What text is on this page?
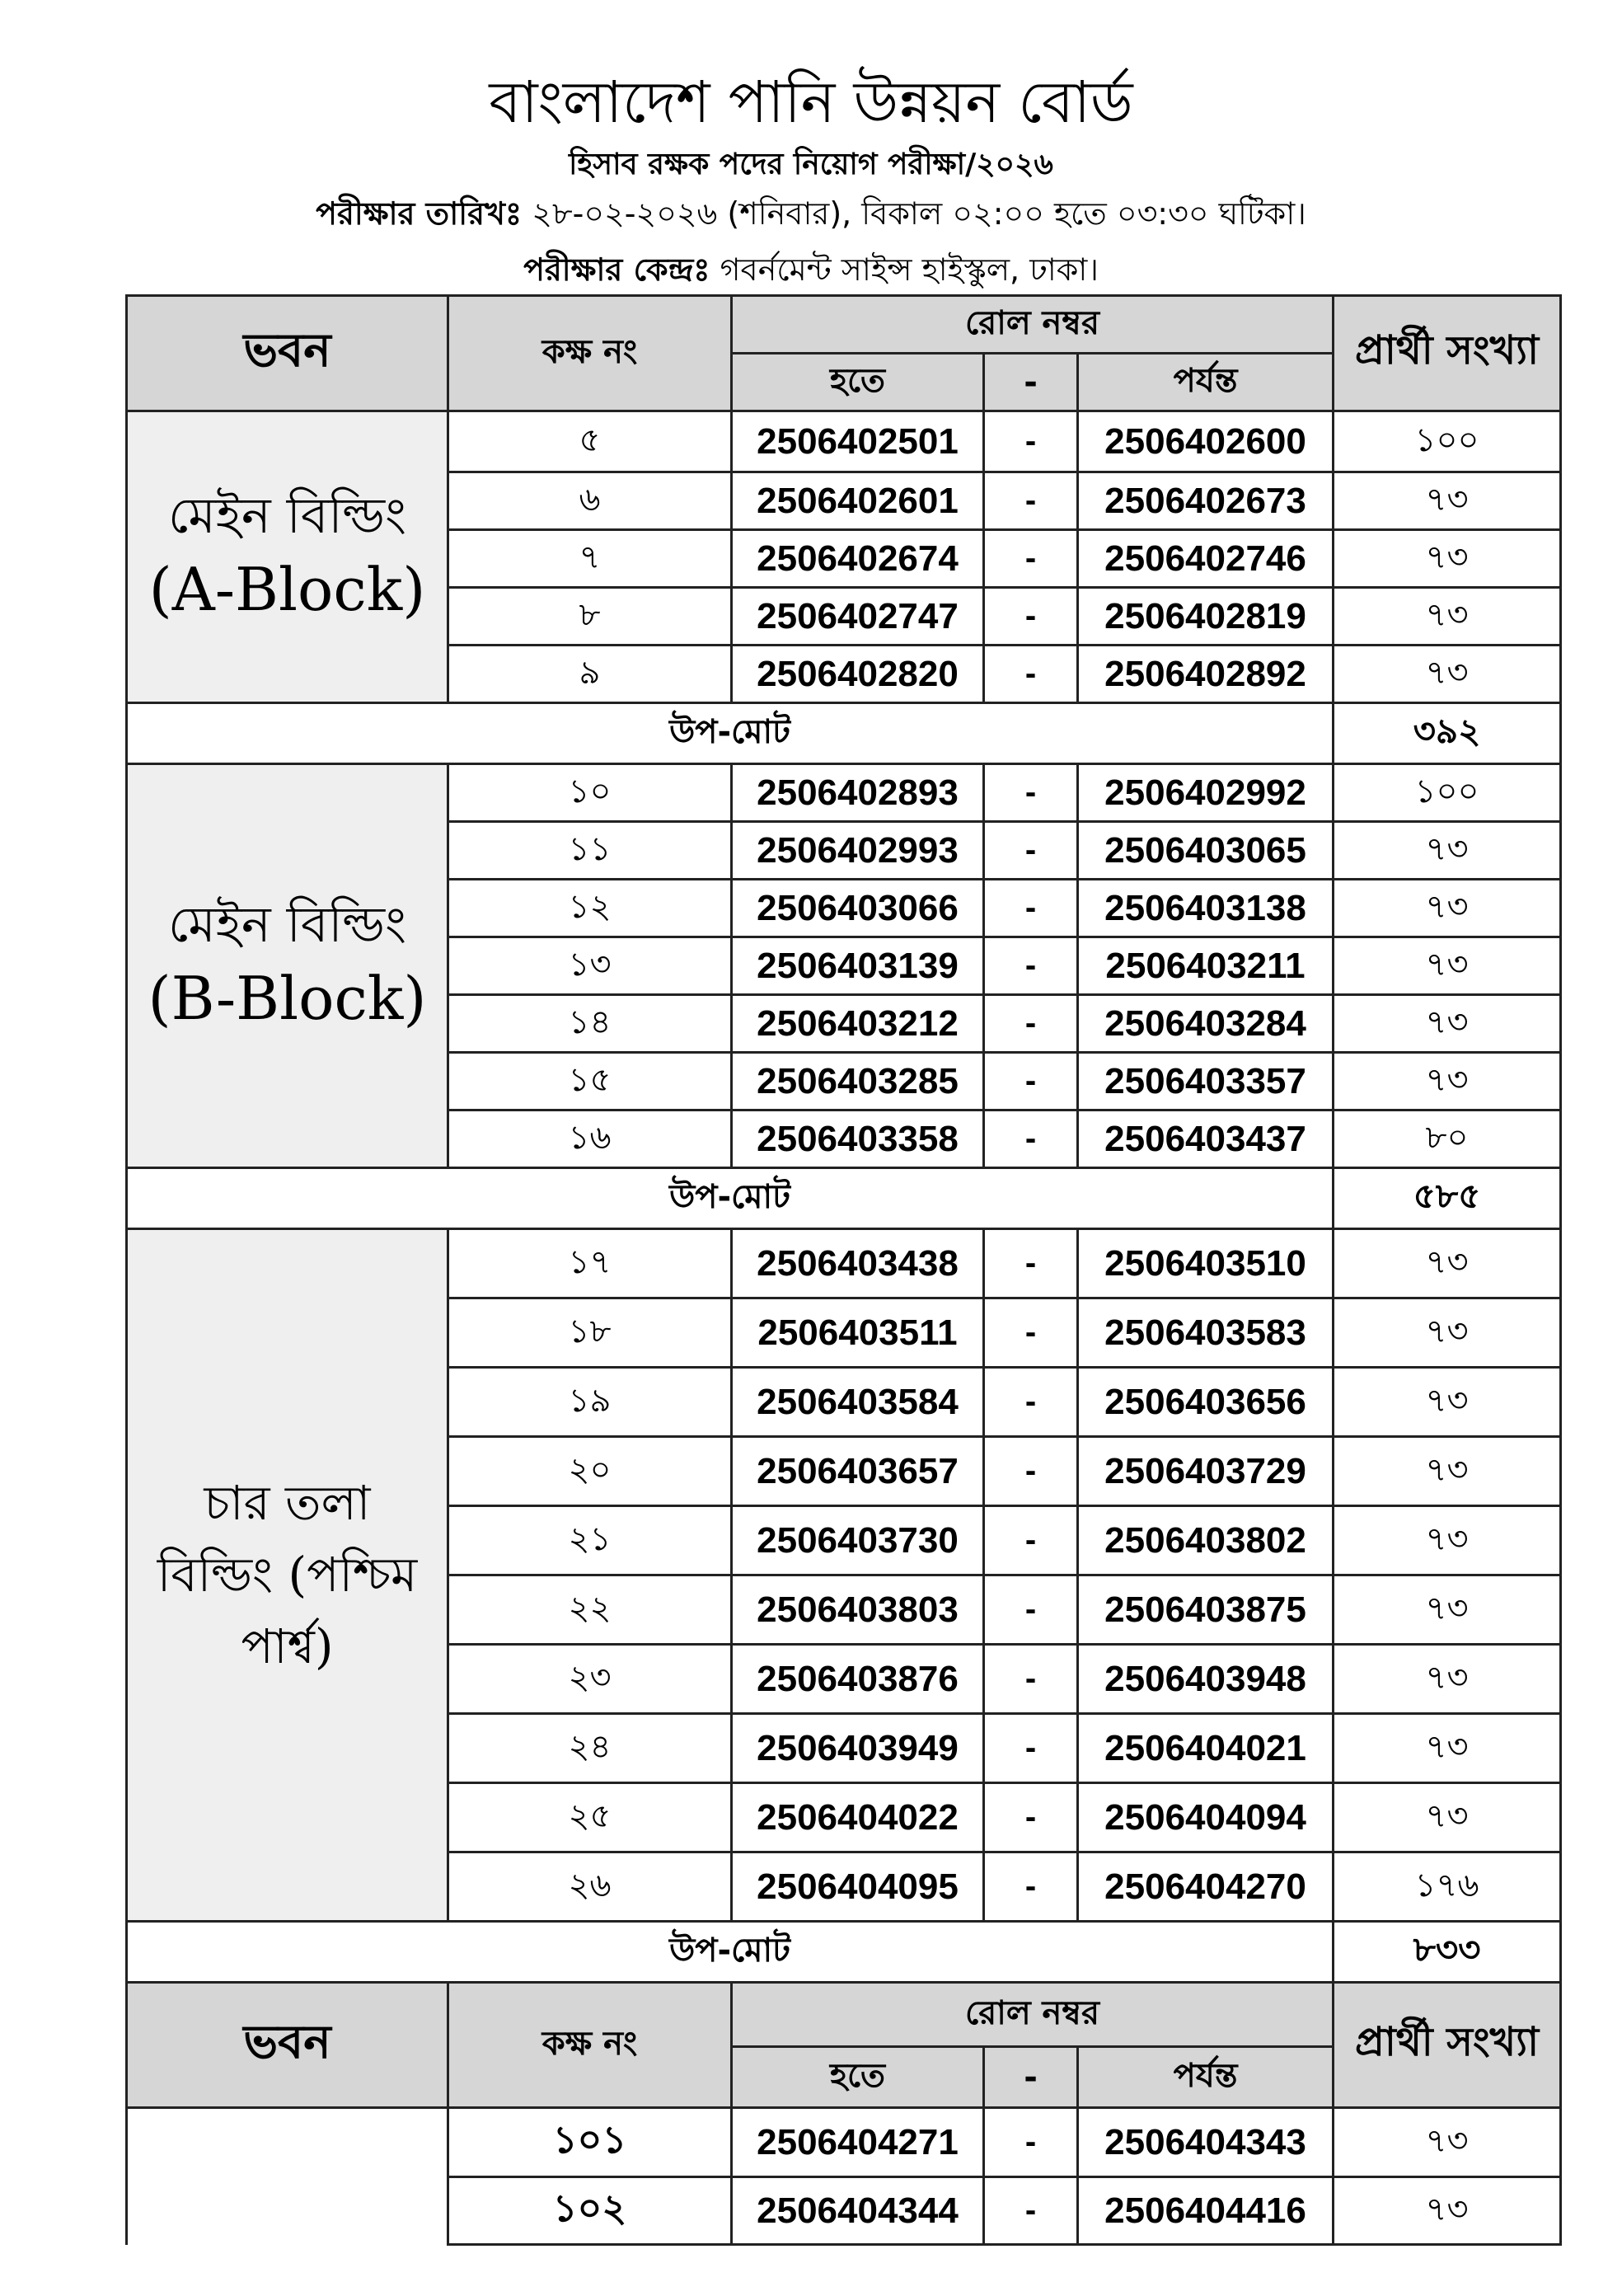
বাংলাদেশ পানি উন্নয়ন বোর্ড
হিসাব রক্ষক পদের নিয়োগ পরীক্ষা/২০২৬
পরীক্ষার তারিখঃ ২৮-০২-২০২৬ (শনিবার), বিকাল ০২:০০ হতে ০৩:৩০ ঘটিকা।
পরীক্ষার কেন্দ্রঃ গবর্নমেন্ট সাইন্স হাইস্কুল, ঢাকা।
ভবন	কক্ষ নং	রোল নম্বর			প্রার্থী সংখ্যা
		হতে	-	পর্যন্ত	
মেইন বিল্ডিং
(A-Block)	৫	2506402501	-	2506402600	১০০
	৬	2506402601	-	2506402673	৭৩
	৭	2506402674	-	2506402746	৭৩
	৮	2506402747	-	2506402819	৭৩
	৯	2506402820	-	2506402892	৭৩
উপ-মোট					৩৯২
মেইন বিল্ডিং
(B-Block)	১০	2506402893	-	2506402992	১০০
	১১	2506402993	-	2506403065	৭৩
	১২	2506403066	-	2506403138	৭৩
	১৩	2506403139	-	2506403211	৭৩
	১৪	2506403212	-	2506403284	৭৩
	১৫	2506403285	-	2506403357	৭৩
	১৬	2506403358	-	2506403437	৮০
উপ-মোট					৫৮৫
চার তলা
বিল্ডিং (পশ্চিম
পার্শ্ব)	১৭	2506403438	-	2506403510	৭৩
	১৮	2506403511	-	2506403583	৭৩
	১৯	2506403584	-	2506403656	৭৩
	২০	2506403657	-	2506403729	৭৩
	২১	2506403730	-	2506403802	৭৩
	২২	2506403803	-	2506403875	৭৩
	২৩	2506403876	-	2506403948	৭৩
	২৪	2506403949	-	2506404021	৭৩
	২৫	2506404022	-	2506404094	৭৩
	২৬	2506404095	-	2506404270	১৭৬
উপ-মোট					৮৩৩
ভবন	কক্ষ নং	রোল নম্বর			প্রার্থী সংখ্যা
		হতে	-	পর্যন্ত	
	১০১	2506404271	-	2506404343	৭৩
	১০২	2506404344	-	2506404416	৭৩
